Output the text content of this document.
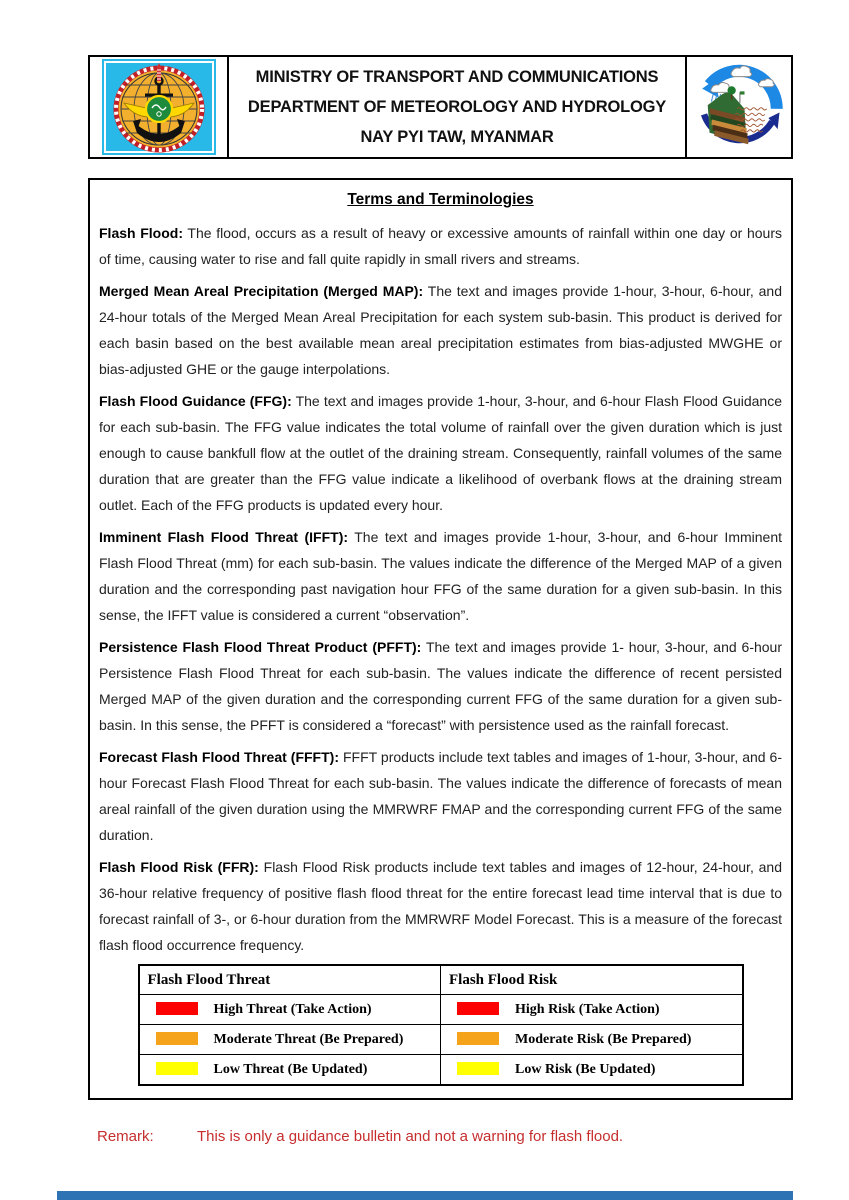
MINISTRY OF TRANSPORT AND COMMUNICATIONS
DEPARTMENT OF METEOROLOGY AND HYDROLOGY
NAY PYI TAW, MYANMAR
Terms and Terminologies

Flash Flood: The flood, occurs as a result of heavy or excessive amounts of rainfall within one day or hours of time, causing water to rise and fall quite rapidly in small rivers and streams.

Merged Mean Areal Precipitation (Merged MAP): The text and images provide 1-hour, 3-hour, 6-hour, and 24-hour totals of the Merged Mean Areal Precipitation for each system sub-basin. This product is derived for each basin based on the best available mean areal precipitation estimates from bias-adjusted MWGHE or bias-adjusted GHE or the gauge interpolations.

Flash Flood Guidance (FFG): The text and images provide 1-hour, 3-hour, and 6-hour Flash Flood Guidance for each sub-basin. The FFG value indicates the total volume of rainfall over the given duration which is just enough to cause bankfull flow at the outlet of the draining stream. Consequently, rainfall volumes of the same duration that are greater than the FFG value indicate a likelihood of overbank flows at the draining stream outlet. Each of the FFG products is updated every hour.

Imminent Flash Flood Threat (IFFT): The text and images provide 1-hour, 3-hour, and 6-hour Imminent Flash Flood Threat (mm) for each sub-basin. The values indicate the difference of the Merged MAP of a given duration and the corresponding past navigation hour FFG of the same duration for a given sub-basin. In this sense, the IFFT value is considered a current “observation”.

Persistence Flash Flood Threat Product (PFFT): The text and images provide 1- hour, 3-hour, and 6-hour Persistence Flash Flood Threat for each sub-basin. The values indicate the difference of recent persisted Merged MAP of the given duration and the corresponding current FFG of the same duration for a given sub-basin. In this sense, the PFFT is considered a “forecast” with persistence used as the rainfall forecast.

Forecast Flash Flood Threat (FFFT): FFFT products include text tables and images of 1-hour, 3-hour, and 6-hour Forecast Flash Flood Threat for each sub-basin. The values indicate the difference of forecasts of mean areal rainfall of the given duration using the MMRWRF FMAP and the corresponding current FFG of the same duration.

Flash Flood Risk (FFR): Flash Flood Risk products include text tables and images of 12-hour, 24-hour, and 36-hour relative frequency of positive flash flood threat for the entire forecast lead time interval that is due to forecast rainfall of 3-, or 6-hour duration from the MMRWRF Model Forecast. This is a measure of the forecast flash flood occurrence frequency.

Flash Flood Threat	Flash Flood Risk
High Threat (Take Action)	High Risk (Take Action)
Moderate Threat (Be Prepared)	Moderate Risk (Be Prepared)
Low Threat (Be Updated)	Low Risk (Be Updated)
Remark:	This is only a guidance bulletin and not a warning for flash flood.
